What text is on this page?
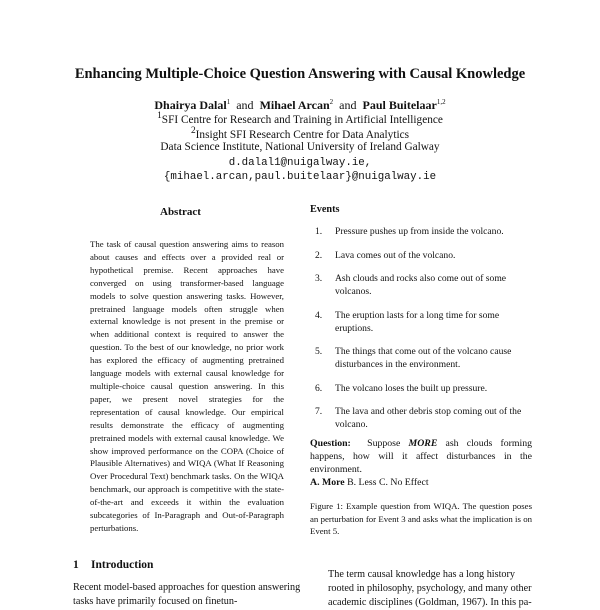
Enhancing Multiple-Choice Question Answering with Causal Knowledge
Dhairya Dalal$^1$ and Mihael Arcan$^2$ and Paul Buitelaar$^{1,2}$
$^1$SFI Centre for Research and Training in Artificial Intelligence
$^2$Insight SFI Research Centre for Data Analytics
Data Science Institute, National University of Ireland Galway
d.dalal1@nuigalway.ie,
{mihael.arcan,paul.buitelaar}@nuigalway.ie
Abstract
The task of causal question answering aims to reason about causes and effects over a provided real or hypothetical premise. Recent approaches have converged on using transformer-based language models to solve question answering tasks. However, pretrained language models often struggle when external knowledge is not present in the premise or when additional context is required to answer the question. To the best of our knowledge, no prior work has explored the efficacy of augmenting pretrained language models with external causal knowledge for multiple-choice causal question answering. In this paper, we present novel strategies for the representation of causal knowledge. Our empirical results demonstrate the efficacy of augmenting pretrained models with external causal knowledge. We show improved performance on the COPA (Choice of Plausible Alternatives) and WIQA (What If Reasoning Over Procedural Text) benchmark tasks. On the WIQA benchmark, our approach is competitive with the state-of-the-art and exceeds it within the evaluation subcategories of In-Paragraph and Out-of-Paragraph perturbations.
1 Introduction
Recent model-based approaches for question answering tasks have primarily focused on finetun-
Events
1. Pressure pushes up from inside the volcano.
2. Lava comes out of the volcano.
3. Ash clouds and rocks also come out of some volcanos.
4. The eruption lasts for a long time for some eruptions.
5. The things that come out of the volcano cause disturbances in the environment.
6. The volcano loses the built up pressure.
7. The lava and other debris stop coming out of the volcano.
Question: Suppose MORE ash clouds forming happens, how will it affect disturbances in the environment.
A. More B. Less C. No Effect
Figure 1: Example question from WIQA. The question poses an perturbation for Event 3 and asks what the implication is on Event 5.
The term causal knowledge has a long history rooted in philosophy, psychology, and many other academic disciplines (Goldman, 1967). In this pa-
